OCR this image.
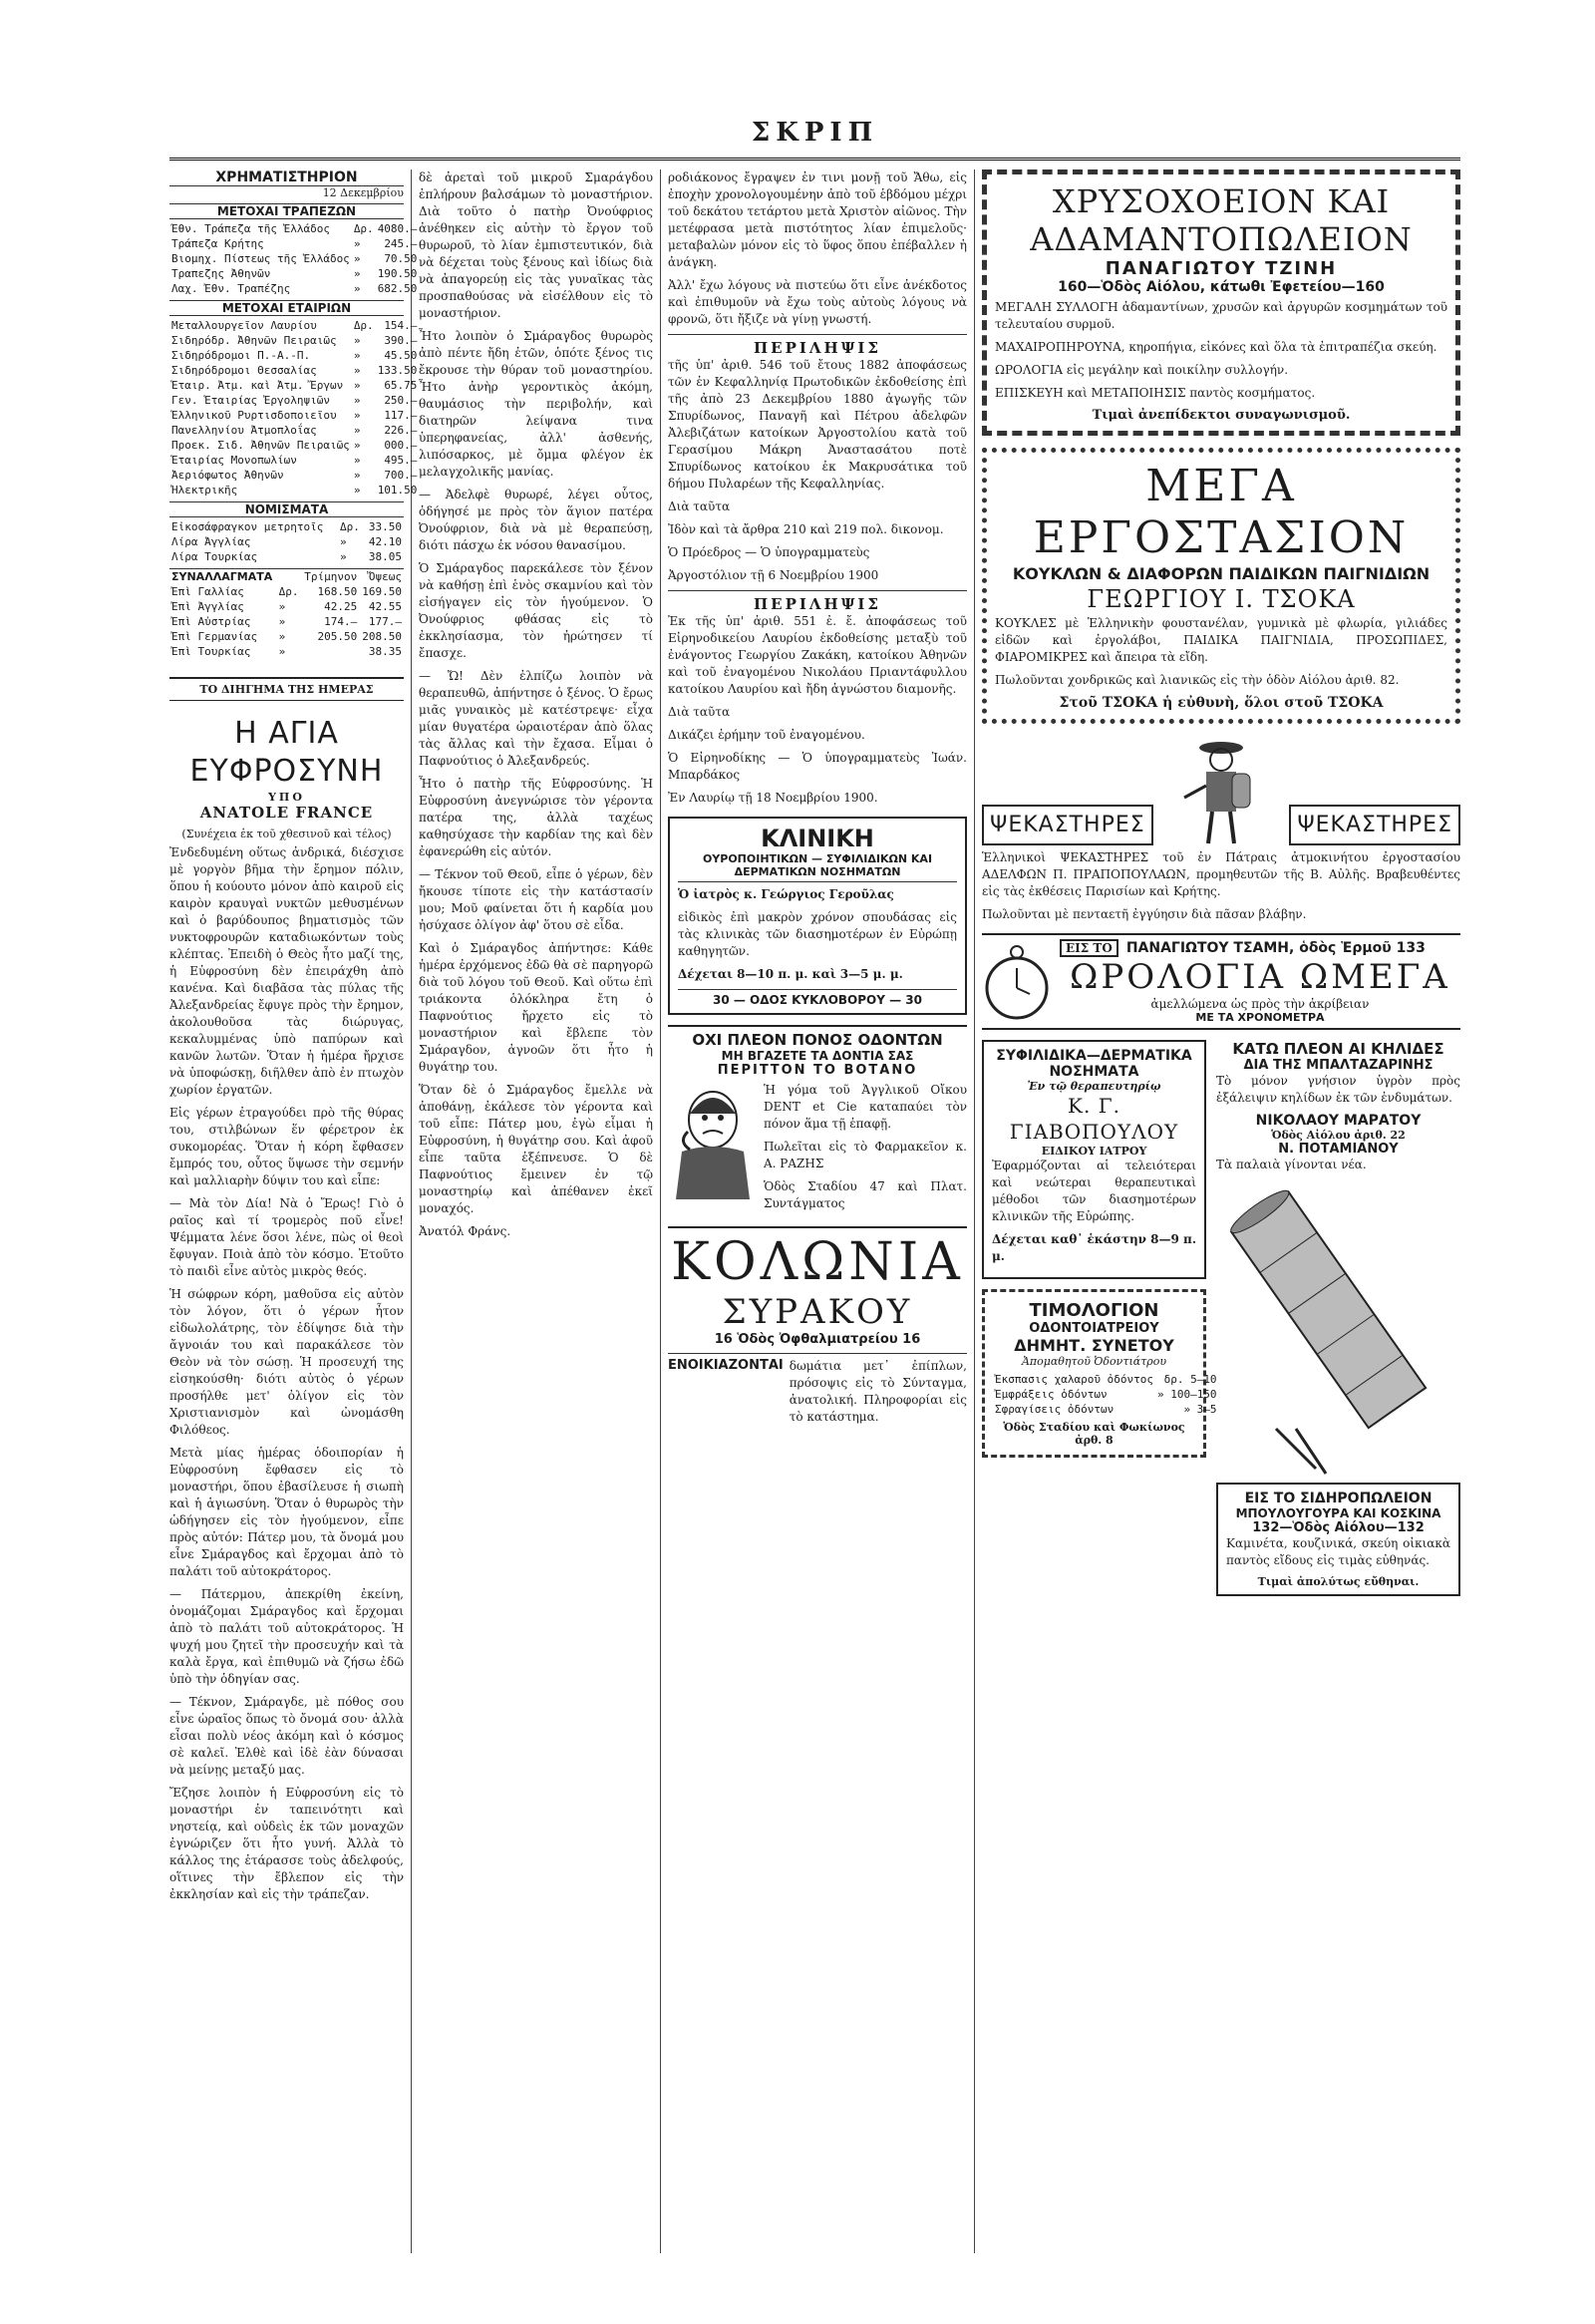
ΣΚΡΙΠ
ΧΡΗΜΑΤΙΣΤΗΡΙΟΝ
12 Δεκεμβρίου
ΜΕΤΟΧΑΙ ΤΡΑΠΕΖΩΝ
Έθν. Τράπεζα τῆς Ἑλλάδος	Δρ.	4080.—
Τράπεζα Κρήτης	»	245.—
Βιομηχ. Πίστεως τῆς Ἑλλάδος	»	70.50
Τραπεζης Ἀθηνῶν	»	190.50
Λαχ. Ἐθν. Τραπέζης	»	682.50
ΜΕΤΟΧΑΙ ΕΤΑΙΡΙΩΝ
Μεταλλουργεῖον Λαυρίου	Δρ.	154.—
Σιδηρόδρ. Ἀθηνῶν Πειραιῶς	»	390.—
Σιδηρόδρομοι Π.-Α.-Π.	»	45.50
Σιδηρόδρομοι Θεσσαλίας	»	133.50
Ἑταιρ. Ἀτμ. καὶ Ἀτμ. Ἔργων	»	65.75
Γεν. Ἑταιρίας Ἐργοληψιῶν	»	250.—
Ἑλληνικοῦ Ρυρτισδοποιεῖου	»	117.—
Πανελληνίου Ἀτμοπλοΐας	»	226.—
Προεκ. Σιδ. Ἀθηνῶν Πειραιῶς	»	000.—
Ἑταιρίας Μονοπωλίων	»	495.—
Ἀεριόφωτος Ἀθηνῶν	»	700.—
Ἠλεκτρικῆς	»	101.50
ΝΟΜΙΣΜΑΤΑ
Εἰκοσάφραγκον μετρητοῖς	Δρ.	33.50
Λίρα Ἀγγλίας	»	42.10
Λίρα Τουρκίας	»	38.05
ΣΥΝΑΛΛΑΓΜΑΤΑ		Τρίμηνον	Ὄψεως
Ἐπὶ Γαλλίας	Δρ.	168.50	169.50
Ἐπὶ Ἀγγλίας	»	42.25	42.55
Ἐπὶ Αὐστρίας	»	174.—	177.—
Ἐπὶ Γερμανίας	»	205.50	208.50
Ἐπὶ Τουρκίας	»		38.35
ΤΟ ΔΙΗΓΗΜΑ ΤΗΣ ΗΜΕΡΑΣ
Η ΑΓΙΑ ΕΥΦΡΟΣΥΝΗ
ΥΠΟ
ANATOLE FRANCE
(Συνέχεια ἐκ τοῦ χθεσινοῦ καὶ τέλος)

Ἐνδεδυμένη οὕτως ἀνδρικά, διέσχισε μὲ γοργὸν βῆμα τὴν ἔρημον πόλιν, ὅπου ἡ κούουτο μόνον ἀπὸ καιροῦ εἰς καιρὸν κραυγαὶ νυκτῶν μεθυσμένων καὶ ὁ βαρύδουπος βηματισμὸς τῶν νυκτοφρουρῶν καταδιωκόντων τοὺς κλέπτας. Ἐπειδὴ ὁ Θεὸς ἦτο μαζί της, ἡ Εὐφροσύνη δὲν ἐπειράχθη ἀπὸ κανένα. Καὶ διαβᾶσα τὰς πύλας τῆς Ἀλεξανδρείας ἔφυγε πρὸς τὴν ἔρημον, ἀκολουθοῦσα τὰς διώρυγας, κεκαλυμμένας ὑπὸ παπύρων καὶ κανῶν λωτῶν. Ὅταν ἡ ἡμέρα ἤρχισε νὰ ὑποφώσκῃ, διῆλθεν ἀπὸ ἐν πτωχὸν χωρίον ἐργατῶν.

Εἰς γέρων ἐτραγούδει πρὸ τῆς θύρας του, στιλβώνων ἕν φέρετρον ἐκ συκομορέας. Ὅταν ἡ κόρη ἔφθασεν ἔμπρός του, οὗτος ὕψωσε τὴν σεμνήν καὶ μαλλιαρὴν δύψιν του καὶ εἶπε:

— Μὰ τὸν Δία! Νὰ ὁ Ἔρως! Γιὸ ὁ ραῖος καὶ τί τρομερὸς ποῦ εἶνε! Ψέμματα λένε ὅσοι λένε, πὼς οἱ θεοὶ ἔφυγαν. Ποιὰ ἀπὸ τὸν κόσμο. Ἐτοῦτο τὸ παιδὶ εἶνε αὐτὸς μικρὸς θεός.

Ἡ σώφρων κόρη, μαθοῦσα εἰς αὐτὸν τὸν λόγον, ὅτι ὁ γέρων ἦτον εἰδωλολάτρης, τὸν ἐδίψησε διὰ τὴν ἄγνοιάν του καὶ παρακάλεσε τὸν Θεὸν νὰ τὸν σώσῃ. Ἡ προσευχή της εἰσηκούσθη· διότι αὐτὸς ὁ γέρων προσήλθε μετ' ὀλίγον εἰς τὸν Χριστιανισμὸν καὶ ὠνομάσθη Φιλόθεος.

Μετὰ μίας ἡμέρας ὁδοιπορίαν ἡ Εὐφροσύνη ἔφθασεν εἰς τὸ μοναστήρι, ὅπου ἐβασίλευσε ἡ σιωπὴ καὶ ἡ ἁγιωσύνη. Ὅταν ὁ θυρωρὸς τὴν ὡδήγησεν εἰς τὸν ἡγούμενον, εἶπε πρὸς αὐτόν: Πάτερ μου, τὰ ὄνομά μου εἶνε Σμάραγδος καὶ ἔρχομαι ἀπὸ τὸ παλάτι τοῦ αὐτοκράτορος.

— Πάτερμου, ἀπεκρίθη ἐκείνη, ὀνομάζομαι Σμάραγδος καὶ ἔρχομαι ἀπὸ τὸ παλάτι τοῦ αὐτοκράτορος. Ἡ ψυχή μου ζητεῖ τὴν προσευχήν καὶ τὰ καλὰ ἔργα, καὶ ἐπιθυμῶ νὰ ζήσω ἐδῶ ὑπὸ τὴν ὁδηγίαν σας.

— Τέκνον, Σμάραγδε, μὲ πόθος σου εἶνε ὡραῖος ὅπως τὸ ὄνομά σου· ἀλλὰ εἶσαι πολὺ νέος ἀκόμη καὶ ὁ κόσμος σὲ καλεῖ. Ἐλθὲ καὶ ἰδὲ ἐὰν δύνασαι νὰ μείνῃς μεταξύ μας.

Ἔζησε λοιπὸν ἡ Εὐφροσύνη εἰς τὸ μοναστήρι ἐν ταπεινότητι καὶ νηστείᾳ, καὶ οὐδεὶς ἐκ τῶν μοναχῶν ἐγνώριζεν ὅτι ἦτο γυνή. Ἀλλὰ τὸ κάλλος της ἐτάρασσε τοὺς ἀδελφούς, οἵτινες τὴν ἔβλεπον εἰς τὴν ἐκκλησίαν καὶ εἰς τὴν τράπεζαν.

δὲ ἀρεταὶ τοῦ μικροῦ Σμαράγδου ἐπλήρουν βαλσάμων τὸ μοναστήριον. Διὰ τοῦτο ὁ πατὴρ Ὀνούφριος ἀνέθηκεν εἰς αὐτὴν τὸ ἔργον τοῦ θυρωροῦ, τὸ λίαν ἐμπιστευτικόν, διὰ νὰ δέχεται τοὺς ξένους καὶ ἰδίως διὰ νὰ ἀπαγορεύῃ εἰς τὰς γυναῖκας τὰς προσπαθούσας νὰ εἰσέλθουν εἰς τὸ μοναστήριον.

Ἦτο λοιπὸν ὁ Σμάραγδος θυρωρὸς ἀπὸ πέντε ἤδη ἐτῶν, ὁπότε ξένος τις ἔκρουσε τὴν θύραν τοῦ μοναστηρίου. Ἦτο ἀνὴρ γεροντικὸς ἀκόμη, θαυμάσιος τὴν περιβολήν, καὶ διατηρῶν λείψανα τινα ὑπερηφανείας, ἀλλ' ἀσθενής, λιπόσαρκος, μὲ ὄμμα φλέγον ἐκ μελαγχολικῆς μανίας.

— Ἀδελφὲ θυρωρέ, λέγει οὗτος, ὁδήγησέ με πρὸς τὸν ἅγιον πατέρα Ὀνούφριον, διὰ νὰ μὲ θεραπεύσῃ, διότι πάσχω ἐκ νόσου θανασίμου.

Ὁ Σμάραγδος παρεκάλεσε τὸν ξένον νὰ καθήσῃ ἐπὶ ἑνὸς σκαμνίου καὶ τὸν εἰσήγαγεν εἰς τὸν ἡγούμενον. Ὁ Ὀνούφριος φθάσας εἰς τὸ ἐκκλησίασμα, τὸν ἠρώτησεν τί ἔπασχε.

— Ὤ! Δὲν ἐλπίζω λοιπὸν νὰ θεραπευθῶ, ἀπήντησε ὁ ξένος. Ὁ ἔρως μιᾶς γυναικὸς μὲ κατέστρεψε· εἶχα μίαν θυγατέρα ὡραιοτέραν ἀπὸ ὅλας τὰς ἄλλας καὶ τὴν ἔχασα. Εἶμαι ὁ Παφνούτιος ὁ Ἀλεξανδρεύς.

Ἦτο ὁ πατὴρ τῆς Εὐφροσύνης. Ἡ Εὐφροσύνη ἀνεγνώρισε τὸν γέροντα πατέρα της, ἀλλὰ ταχέως καθησύχασε τὴν καρδίαν της καὶ δὲν ἐφανερώθη εἰς αὐτόν.

— Τέκνον τοῦ Θεοῦ, εἶπε ὁ γέρων, δὲν ἤκουσε τίποτε εἰς τὴν κατάστασίν μου; Μοῦ φαίνεται ὅτι ἡ καρδία μου ἠσύχασε ὀλίγον ἀφ' ὅτου σὲ εἶδα.

Καὶ ὁ Σμάραγδος ἀπήντησε: Κάθε ἡμέρα ἐρχόμενος ἐδῶ θὰ σὲ παρηγορῶ διὰ τοῦ λόγου τοῦ Θεοῦ. Καὶ οὕτω ἐπὶ τριάκοντα ὁλόκληρα ἔτη ὁ Παφνούτιος ἤρχετο εἰς τὸ μοναστήριον καὶ ἔβλεπε τὸν Σμάραγδον, ἀγνοῶν ὅτι ἦτο ἡ θυγάτηρ του.

Ὅταν δὲ ὁ Σμάραγδος ἔμελλε νὰ ἀποθάνῃ, ἐκάλεσε τὸν γέροντα καὶ τοῦ εἶπε: Πάτερ μου, ἐγὼ εἶμαι ἡ Εὐφροσύνη, ἡ θυγάτηρ σου. Καὶ ἀφοῦ εἶπε ταῦτα ἐξέπνευσε. Ὁ δὲ Παφνούτιος ἔμεινεν ἐν τῷ μοναστηρίῳ καὶ ἀπέθανεν ἐκεῖ μοναχός.

Ἀνατόλ Φράνς.

ροδιάκονος ἔγραψεν ἐν τινι μονῇ τοῦ Ἄθω, εἰς ἐποχὴν χρονολογουμένην ἀπὸ τοῦ ἑβδόμου μέχρι τοῦ δεκάτου τετάρτου μετὰ Χριστὸν αἰῶνος. Τὴν μετέφρασα μετὰ πιστότητος λίαν ἐπιμελοῦς· μεταβαλὼν μόνον εἰς τὸ ὕφος ὅπου ἐπέβαλλεν ἡ ἀνάγκη.

Ἀλλ' ἔχω λόγους νὰ πιστεύω ὅτι εἶνε ἀνέκδοτος καὶ ἐπιθυμοῦν νὰ ἔχω τοὺς αὐτοὺς λόγους νὰ φρονῶ, ὅτι ἤξιζε νὰ γίνῃ γνωστή.

ΠΕΡΙΛΗΨΙΣ

τῆς ὑπ' ἀριθ. 546 τοῦ ἔτους 1882 ἀποφάσεως τῶν ἐν Κεφαλληνίᾳ Πρωτοδικῶν ἐκδοθείσης ἐπὶ τῆς ἀπὸ 23 Δεκεμβρίου 1880 ἀγωγῆς τῶν Σπυρίδωνος, Παναγῆ καὶ Πέτρου ἀδελφῶν Ἀλεβιζάτων κατοίκων Ἀργοστολίου κατὰ τοῦ Γερασίμου Μάκρη Ἀναστασάτου ποτὲ Σπυρίδωνος κατοίκου ἐκ Μακρυσάτικα τοῦ δήμου Πυλαρέων τῆς Κεφαλληνίας.

Διὰ ταῦτα

Ἰδὸν καὶ τὰ ἄρθρα 210 καὶ 219 πολ. δικονομ.

Ὁ Πρόεδρος — Ὁ ὑπογραμματεὺς

Ἀργοστόλιον τῇ 6 Νοεμβρίου 1900

ΠΕΡΙΛΗΨΙΣ

Ἐκ τῆς ὑπ' ἀριθ. 551 ἐ. ἔ. ἀποφάσεως τοῦ Εἰρηνοδικείου Λαυρίου ἐκδοθείσης μεταξὺ τοῦ ἐνάγοντος Γεωργίου Ζακάκη, κατοίκου Ἀθηνῶν καὶ τοῦ ἐναγομένου Νικολάου Πριαντάφυλλου κατοίκου Λαυρίου καὶ ἤδη ἀγνώστου διαμονῆς.

Διὰ ταῦτα

Δικάζει ἐρήμην τοῦ ἐναγομένου.

Ὁ Εἰρηνοδίκης — Ὁ ὑπογραμματεὺς Ἰωάν. Μπαρδάκος

Ἐν Λαυρίῳ τῇ 18 Νοεμβρίου 1900.

ΚΛΙΝΙΚΗ
ΟΥΡΟΠΟΙΗΤΙΚΩΝ — ΣΥΦΙΛΙΔΙΚΩΝ ΚΑΙ ΔΕΡΜΑΤΙΚΩΝ ΝΟΣΗΜΑΤΩΝ

Ὁ ἰατρὸς κ. Γεώργιος Γεροῦλας

εἰδικὸς ἐπὶ μακρὸν χρόνον σπουδάσας εἰς τὰς κλινικὰς τῶν διασημοτέρων ἐν Εὐρώπῃ καθηγητῶν.

Δέχεται 8—10 π. μ. καὶ 3—5 μ. μ.

30 — ΟΔΟΣ ΚΥΚΛΟΒΟΡΟΥ — 30
ΟΧΙ ΠΛΕΟΝ ΠΟΝΟΣ ΟΔΟΝΤΩΝ
ΜΗ ΒΓΑΖΕΤΕ ΤΑ ΔΟΝΤΙΑ ΣΑΣ
ΠΕΡΙΤΤΟΝ ΤΟ ΒΟΤΑΝΟ

Ἡ γόμα τοῦ Ἀγγλικοῦ Οἴκου DENT et Cie καταπαύει τὸν πόνον ἅμα τῇ ἐπαφῇ.

Πωλεῖται εἰς τὸ Φαρμακεῖον κ. Α. ΡΑΖΗΣ

Ὁδὸς Σταδίου 47 καὶ Πλατ. Συντάγματος

ΚΟΛΩΝΙΑ
ΣΥΡΑΚΟΥ
16 Ὁδὸς Ὀφθαλμιατρείου 16
ΕΝΟΙΚΙΑΖΟΝΤΑΙ δωμάτια μετ᾽ ἐπίπλων, πρόσοψις εἰς τὸ Σύνταγμα, ἀνατολική. Πληροφορίαι εἰς τὸ κατάστημα.

ΧΡΥΣΟΧΟΕΙΟΝ ΚΑΙ ΑΔΑΜΑΝΤΟΠΩΛΕΙΟΝ
ΠΑΝΑΓΙΩΤΟΥ ΤΖΙΝΗ
160—Ὁδὸς Αἰόλου, κάτωθι Ἐφετείου—160

ΜΕΓΑΛΗ ΣΥΛΛΟΓΗ ἀδαμαντίνων, χρυσῶν καὶ ἀργυρῶν κοσμημάτων τοῦ τελευταίου συρμοῦ.

ΜΑΧΑΙΡΟΠΗΡΟΥΝΑ, κηροπήγια, εἰκόνες καὶ ὅλα τὰ ἐπιτραπέζια σκεύη.

ΩΡΟΛΟΓΙΑ εἰς μεγάλην καὶ ποικίλην συλλογήν.

ΕΠΙΣΚΕΥΗ καὶ ΜΕΤΑΠΟΙΗΣΙΣ παντὸς κοσμήματος.

Τιμαὶ ἀνεπίδεκτοι συναγωνισμοῦ.
ΜΕΓΑ ΕΡΓΟΣΤΑΣΙΟΝ
ΚΟΥΚΛΩΝ & ΔΙΑΦΟΡΩΝ ΠΑΙΔΙΚΩΝ ΠΑΙΓΝΙΔΙΩΝ
ΓΕΩΡΓΙΟΥ Ι. ΤΣΟΚΑ

ΚΟΥΚΛΕΣ μὲ Ἑλληνικὴν φουστανέλαν, γυμνικὰ μὲ φλωρία, γιλιάδες εἰδῶν καὶ ἐργολάβοι, ΠΑΙΔΙΚΑ ΠΑΙΓΝΙΔΙΑ, ΠΡΟΣΩΠΙΔΕΣ, ΦΙΑΡΟΜΙΚΡΕΣ καὶ ἄπειρα τὰ εἴδη.

Πωλοῦνται χονδρικῶς καὶ λιανικῶς εἰς τὴν ὁδὸν Αἰόλου ἀριθ. 82.

Στοῦ ΤΣΟΚΑ ἡ εὐθυνὴ, ὅλοι στοῦ ΤΣΟΚΑ
ΨΕΚΑΣΤΗΡΕΣ	ΨΕΚΑΣΤΗΡΕΣ

Ἑλληνικοὶ ΨΕΚΑΣΤΗΡΕΣ τοῦ ἐν Πάτραις ἀτμοκινήτου ἐργοστασίου ΑΔΕΛΦΩΝ Π. ΠΡΑΠΟΠΟΥΛΑΩΝ, προμηθευτῶν τῆς Β. Αὐλῆς. Βραβευθέντες εἰς τὰς ἐκθέσεις Παρισίων καὶ Κρήτης.

Πωλοῦνται μὲ πενταετῆ ἐγγύησιν διὰ πᾶσαν βλάβην.

ΕΙΣ ΤΟ	ΠΑΝΑΓΙΩΤΟΥ ΤΣΑΜΗ, ὁδὸς Ἑρμοῦ 133
ΩΡΟΛΟΓΙΑ ΩΜΕΓΑ
ἀμελλώμενα ὡς πρὸς τὴν ἀκρίβειαν
ΜΕ ΤΑ ΧΡΟΝΟΜΕΤΡΑ
ΣΥΦΙΛΙΔΙΚΑ—ΔΕΡΜΑΤΙΚΑ ΝΟΣΗΜΑΤΑ
Ἐν τῷ θεραπευτηρίῳ
Κ. Γ. ΓΙΑΒΟΠΟΥΛΟΥ
ΕΙΔΙΚΟΥ ΙΑΤΡΟΥ

Ἐφαρμόζονται αἱ τελειότεραι καὶ νεώτεραι θεραπευτικαὶ μέθοδοι τῶν διασημοτέρων κλινικῶν τῆς Εὐρώπης.

Δέχεται καθ᾽ ἑκάστην 8—9 π. μ.

ΤΙΜΟΛΟΓΙΟΝ
ΟΔΟΝΤΟΙΑΤΡΕΙΟΥ
ΔΗΜΗΤ. ΣΥΝΕΤΟΥ
Ἀπομαθητοῦ Ὀδοντιάτρου
Ἐκσπασις χαλαροῦ ὀδόντος	δρ. 5—10
Ἐμφράξεις ὀδόντων	» 100—150
Σφραγίσεις ὀδόντων	» 3—5
Ὁδὸς Σταδίου καὶ Φωκίωνος ἀρθ. 8
ΚΑΤΩ ΠΛΕΟΝ ΑΙ ΚΗΛΙΔΕΣ
ΔΙΑ ΤΗΣ ΜΠΑΛΤΑΖΑΡΙΝΗΣ

Τὸ μόνον γνήσιον ὑγρὸν πρὸς ἐξάλειψιν κηλίδων ἐκ τῶν ἐνδυμάτων.

ΝΙΚΟΛΑΟΥ ΜΑΡΑΤΟΥ
Ὁδὸς Αἰόλου ἀριθ. 22
Ν. ΠΟΤΑΜΙΑΝΟΥ

Τὰ παλαιὰ γίνονται νέα.

ΕΙΣ ΤΟ ΣΙΔΗΡΟΠΩΛΕΙΟΝ
ΜΠΟΥΛΟΥΓΟΥΡΑ ΚΑΙ ΚΟΣΚΙΝΑ
132—Ὁδὸς Αἰόλου—132

Καμινέτα, κουζινικά, σκεύη οἰκιακὰ παντὸς εἴδους εἰς τιμὰς εὐθηνάς.

Τιμαὶ ἀπολύτως εὔθηναι.
